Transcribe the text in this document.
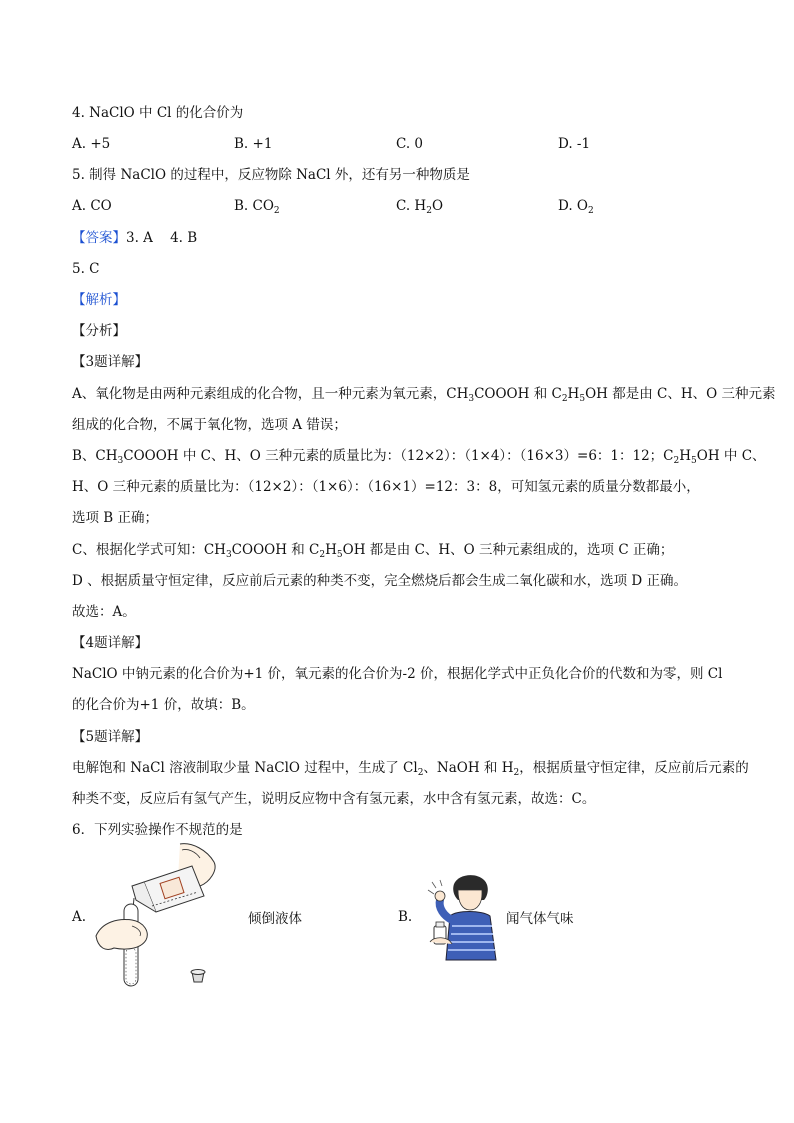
4. NaClO 中 Cl 的化合价为
A. +5	B. +1	C. 0	D. -1
5. 制得 NaClO 的过程中，反应物除 NaCl 外，还有另一种物质是
A. CO	B. $CO_2$	C. $H_2O$	D. $O_2$
【答案】3. A    4. B
5. C
【解析】
【分析】
【3题详解】
A、氧化物是由两种元素组成的化合物，且一种元素为氧元素，$CH_3COOOH$ 和 $C_2H_5OH$ 都是由 C、H、O 三种元素
组成的化合物，不属于氧化物，选项 A 错误；
B、$CH_3COOOH$ 中 C、H、O 三种元素的质量比为：（12×2）：（1×4）：（16×3）=6：1：12；$C_2H_5OH$ 中 C、
H、O 三种元素的质量比为：（12×2）：（1×6）：（16×1）=12：3：8，可知氢元素的质量分数都最小，
选项 B 正确；
C、根据化学式可知：$CH_3COOOH$ 和 $C_2H_5OH$ 都是由 C、H、O 三种元素组成的，选项 C 正确；
D 、根据质量守恒定律，反应前后元素的种类不变，完全燃烧后都会生成二氧化碳和水，选项 D 正确。
故选：A。
【4题详解】
NaClO 中钠元素的化合价为+1 价，氧元素的化合价为-2 价，根据化学式中正负化合价的代数和为零，则 Cl
的化合价为+1 价，故填：B。
【5题详解】
电解饱和 NaCl 溶液制取少量 NaClO 过程中，生成了 $Cl_2$、NaOH 和 $H_2$，根据质量守恒定律，反应前后元素的
种类不变，反应后有氢气产生，说明反应物中含有氢元素，水中含有氢元素，故选：C。
6．下列实验操作不规范的是
A.	倾倒液体	B.	闻气体气味
